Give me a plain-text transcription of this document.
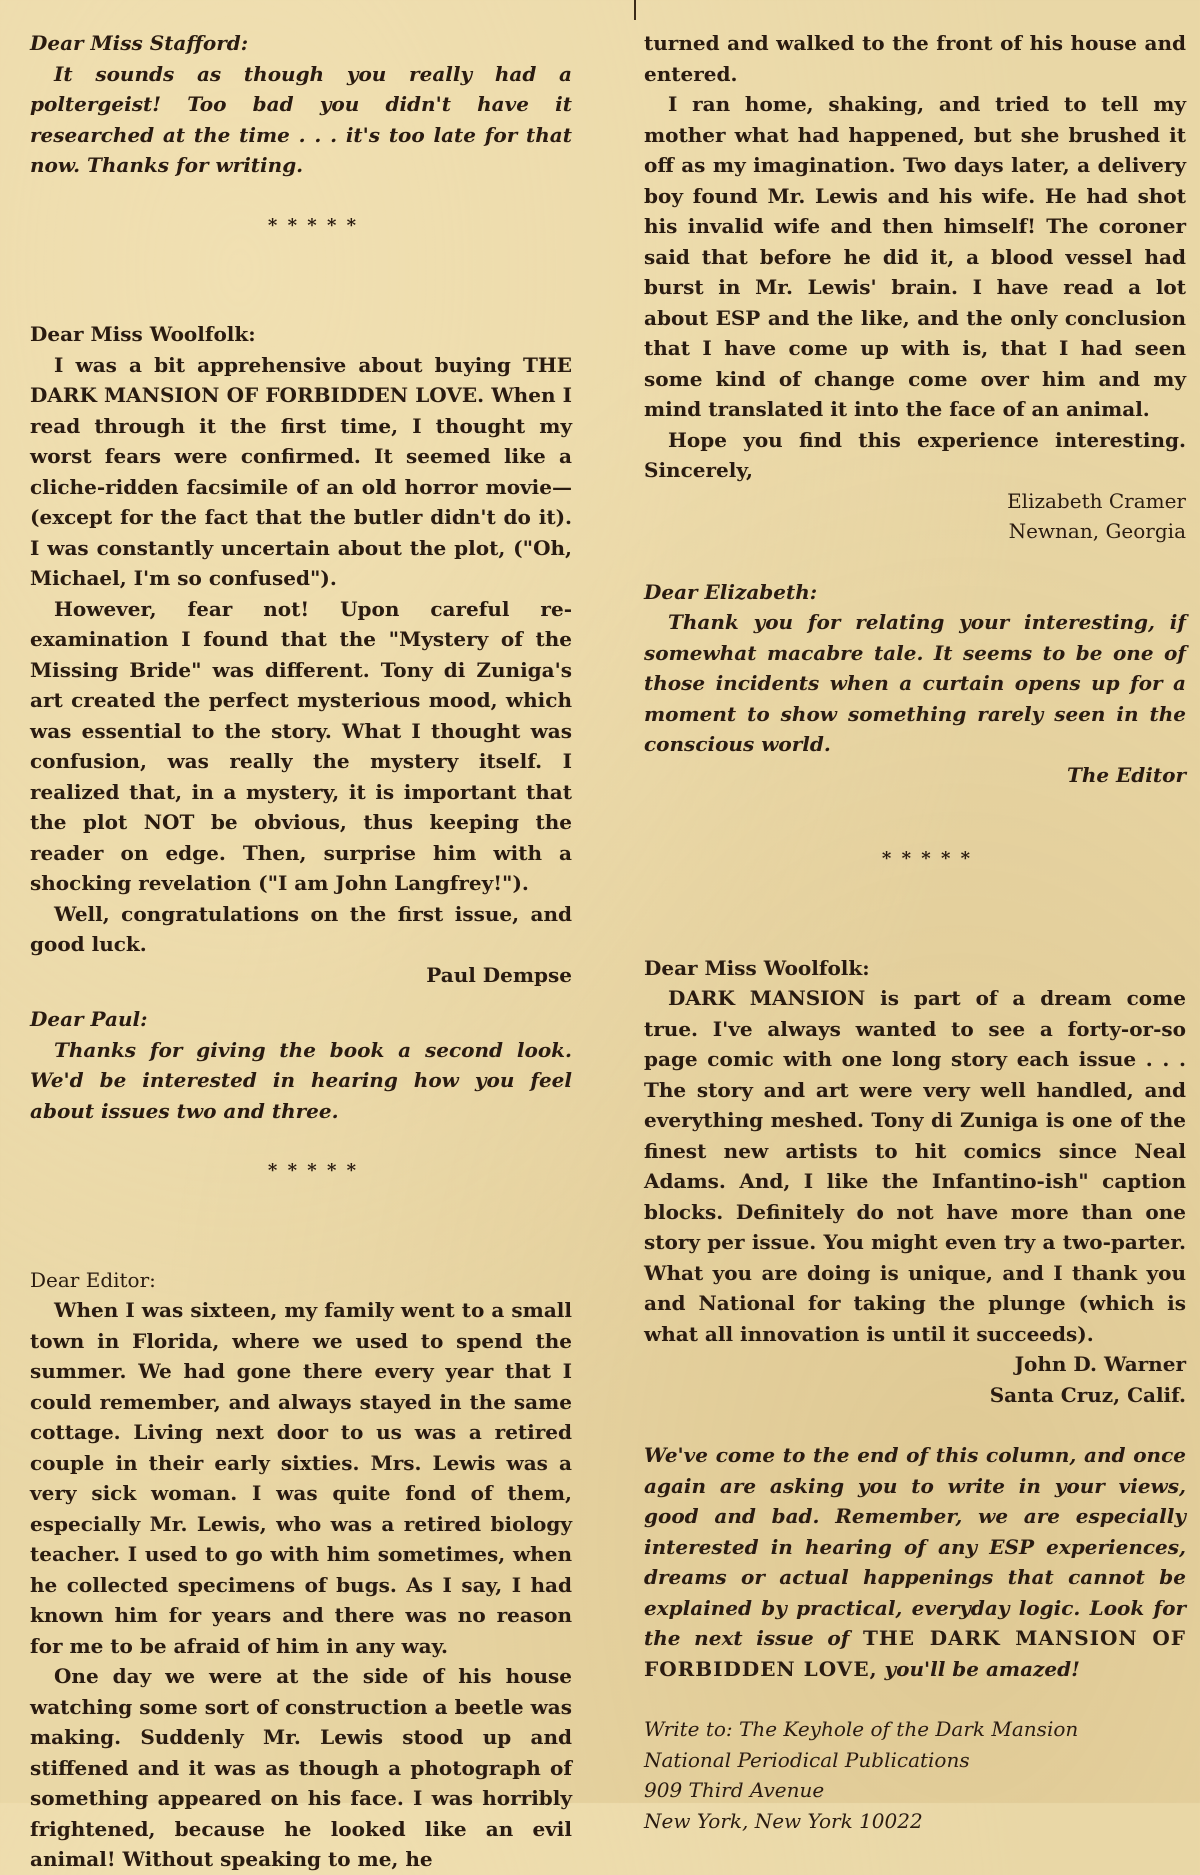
Dear Miss Stafford:

It sounds as though you really had a poltergeist! Too bad you didn't have it researched at the time . . . it's too late for that now. Thanks for writing.

* * * * *

Dear Miss Woolfolk:

I was a bit apprehensive about buying THE DARK MANSION OF FORBIDDEN LOVE. When I read through it the first time, I thought my worst fears were confirmed. It seemed like a cliche-ridden facsimile of an old horror movie— (except for the fact that the butler didn't do it). I was constantly uncertain about the plot, ("Oh, Michael, I'm so confused").

However, fear not! Upon careful re-examination I found that the "Mystery of the Missing Bride" was different. Tony di Zuniga's art created the perfect mysterious mood, which was essential to the story. What I thought was confusion, was really the mystery itself. I realized that, in a mystery, it is important that the plot NOT be obvious, thus keeping the reader on edge. Then, surprise him with a shocking revelation ("I am John Langfrey!").

Well, congratulations on the first issue, and good luck.

Paul Dempse

Dear Paul:

Thanks for giving the book a second look. We'd be interested in hearing how you feel about issues two and three.

* * * * *

Dear Editor:

When I was sixteen, my family went to a small town in Florida, where we used to spend the summer. We had gone there every year that I could remember, and always stayed in the same cottage. Living next door to us was a retired couple in their early sixties. Mrs. Lewis was a very sick woman. I was quite fond of them, especially Mr. Lewis, who was a retired biology teacher. I used to go with him sometimes, when he collected specimens of bugs. As I say, I had known him for years and there was no reason for me to be afraid of him in any way.

One day we were at the side of his house watching some sort of construction a beetle was making. Suddenly Mr. Lewis stood up and stiffened and it was as though a photograph of something appeared on his face. I was horribly frightened, because he looked like an evil animal! Without speaking to me, he

turned and walked to the front of his house and entered.

I ran home, shaking, and tried to tell my mother what had happened, but she brushed it off as my imagination. Two days later, a delivery boy found Mr. Lewis and his wife. He had shot his invalid wife and then himself! The coroner said that before he did it, a blood vessel had burst in Mr. Lewis' brain. I have read a lot about ESP and the like, and the only conclusion that I have come up with is, that I had seen some kind of change come over him and my mind translated it into the face of an animal.

Hope you find this experience interesting. Sincerely,

Elizabeth Cramer

Newnan, Georgia

Dear Elizabeth:

Thank you for relating your interesting, if somewhat macabre tale. It seems to be one of those incidents when a curtain opens up for a moment to show something rarely seen in the conscious world.

The Editor

* * * * *

Dear Miss Woolfolk:

DARK MANSION is part of a dream come true. I've always wanted to see a forty-or-so page comic with one long story each issue . . . The story and art were very well handled, and everything meshed. Tony di Zuniga is one of the finest new artists to hit comics since Neal Adams. And, I like the Infantino-ish" caption blocks. Definitely do not have more than one story per issue. You might even try a two-parter. What you are doing is unique, and I thank you and National for taking the plunge (which is what all innovation is until it succeeds).

John D. Warner

Santa Cruz, Calif.

We've come to the end of this column, and once again are asking you to write in your views, good and bad. Remember, we are especially interested in hearing of any ESP experiences, dreams or actual happenings that cannot be explained by practical, everyday logic. Look for the next issue of THE DARK MANSION OF FORBIDDEN LOVE, you'll be amazed!

Write to: The Keyhole of the Dark Mansion

National Periodical Publications

909 Third Avenue

New York, New York 10022
